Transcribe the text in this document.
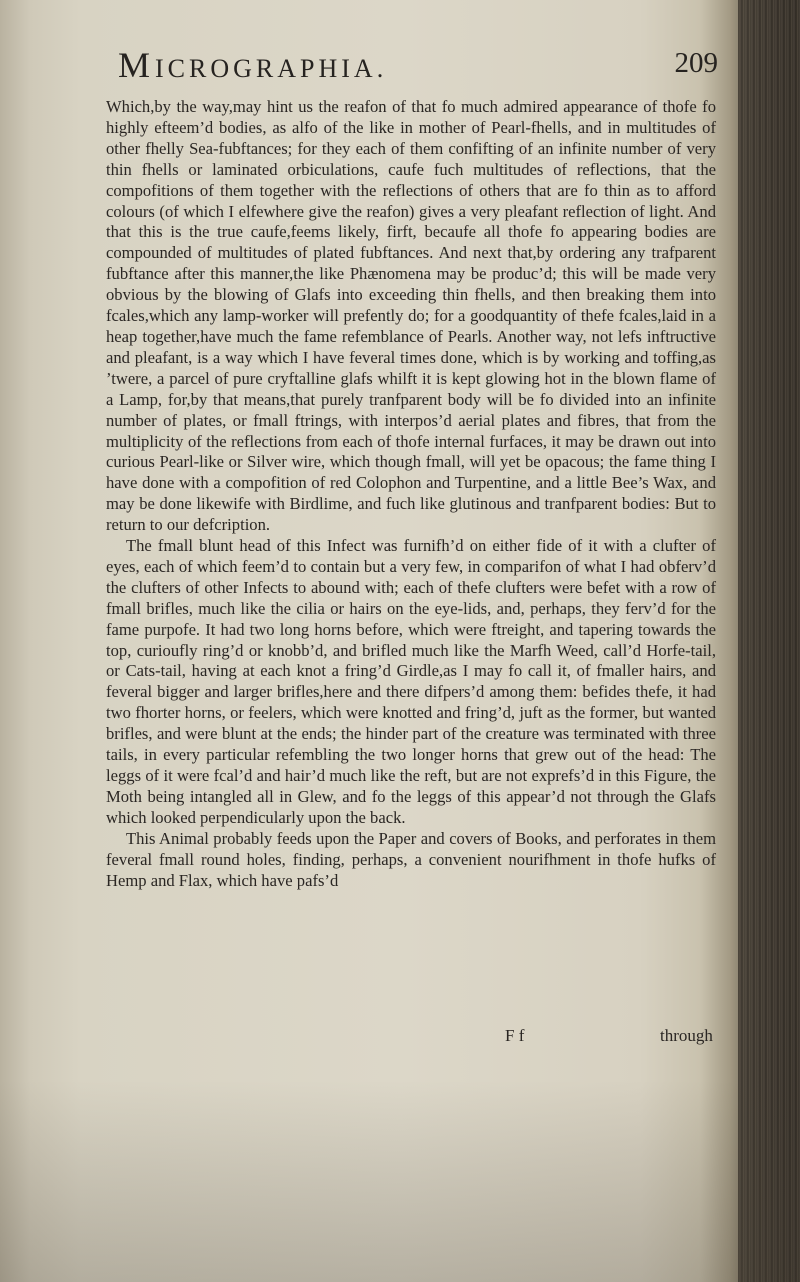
MICROGRAPHIA.	209

Which,by the way,may hint us the reafon of that fo much admired appearance of thofe fo highly efteem’d bodies, as alfo of the like in mother of Pearl-fhells, and in multitudes of other fhelly Sea-fubftances; for they each of them confifting of an infinite number of very thin fhells or laminated orbiculations, caufe fuch multitudes of reflections, that the compofitions of them together with the reflections of others that are fo thin as to afford colours (of which I elfewhere give the reafon) gives a very pleafant reflection of light. And that this is the true caufe,feems likely, firft, becaufe all thofe fo appearing bodies are compounded of multitudes of plated fubftances. And next that,by ordering any trafparent fubftance after this manner,the like Phænomena may be produc’d; this will be made very obvious by the blowing of Glafs into exceeding thin fhells, and then breaking them into fcales,which any lamp-worker will prefently do; for a goodquantity of thefe fcales,laid in a heap together,have much the fame refemblance of Pearls. Another way, not lefs inftructive and pleafant, is a way which I have feveral times done, which is by working and toffing,as ’twere, a parcel of pure cryftalline glafs whilft it is kept glowing hot in the blown flame of a Lamp, for,by that means,that purely tranfparent body will be fo divided into an infinite number of plates, or fmall ftrings, with interpos’d aerial plates and fibres, that from the multiplicity of the reflections from each of thofe internal furfaces, it may be drawn out into curious Pearl-like or Silver wire, which though fmall, will yet be opacous; the fame thing I have done with a compofition of red Colophon and Turpentine, and a little Bee’s Wax, and may be done likewife with Birdlime, and fuch like glutinous and tranfparent bodies: But to return to our defcription.

The fmall blunt head of this Infect was furnifh’d on either fide of it with a clufter of eyes, each of which feem’d to contain but a very few, in comparifon of what I had obferv’d the clufters of other Infects to abound with; each of thefe clufters were befet with a row of fmall brifles, much like the cilia or hairs on the eye-lids, and, perhaps, they ferv’d for the fame purpofe. It had two long horns before, which were ftreight, and tapering towards the top, curioufly ring’d or knobb’d, and brifled much like the Marfh Weed, call’d Horfe-tail, or Cats-tail, having at each knot a fring’d Girdle,as I may fo call it, of fmaller hairs, and feveral bigger and larger brifles,here and there difpers’d among them: befides thefe, it had two fhorter horns, or feelers, which were knotted and fring’d, juft as the former, but wanted brifles, and were blunt at the ends; the hinder part of the creature was terminated with three tails, in every particular refembling the two longer horns that grew out of the head: The leggs of it were fcal’d and hair’d much like the reft, but are not exprefs’d in this Figure, the Moth being intangled all in Glew, and fo the leggs of this appear’d not through the Glafs which looked perpendicularly upon the back.

This Animal probably feeds upon the Paper and covers of Books, and perforates in them feveral fmall round holes, finding, perhaps, a convenient nourifhment in thofe hufks of Hemp and Flax, which have pafs’d

F f	through
